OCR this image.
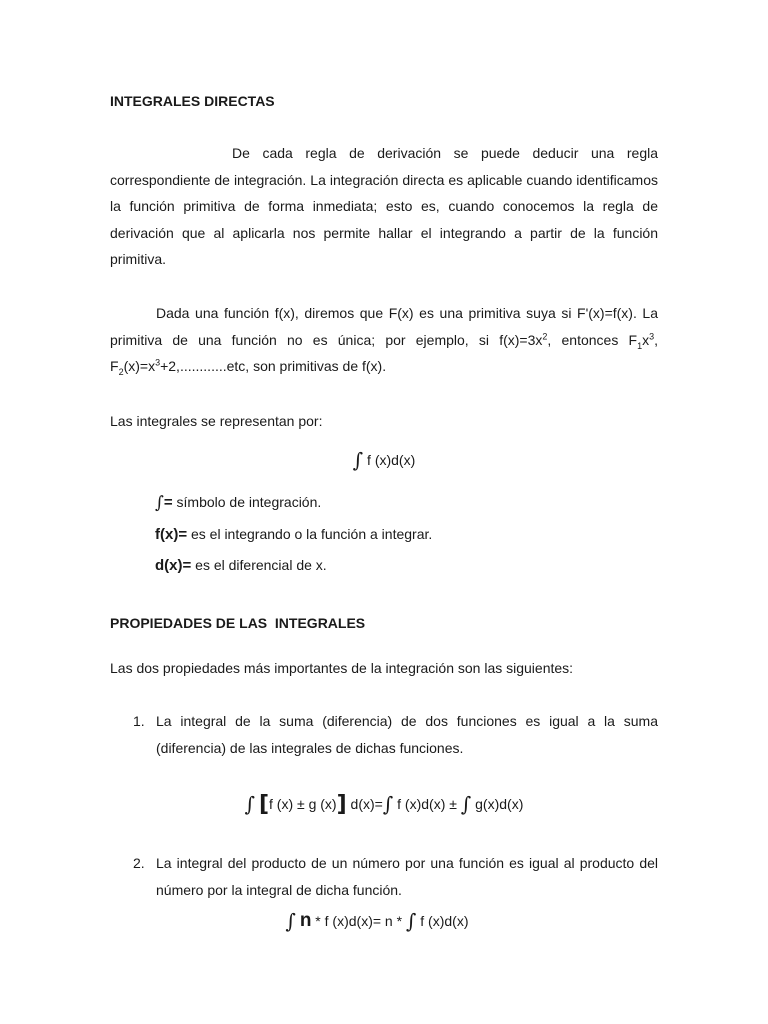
INTEGRALES DIRECTAS

De cada regla de derivación se puede deducir una regla correspondiente de integración. La integración directa es aplicable cuando identificamos la función primitiva de forma inmediata; esto es, cuando conocemos la regla de derivación que al aplicarla nos permite hallar el integrando a partir de la función primitiva.

Dada una función f(x), diremos que F(x) es una primitiva suya si F'(x)=f(x). La primitiva de una función no es única; por ejemplo, si $f(x)=3x^2$, entonces $F_1x^3$, $F_2(x)=x^3+2,............etc$, son primitivas de f(x).

Las integrales se representan por:

∫ f (x)d(x)

∫= símbolo de integración.

f(x)= es el integrando o la función a integrar.

d(x)= es el diferencial de x.

PROPIEDADES DE LAS  INTEGRALES

Las dos propiedades más importantes de la integración son las siguientes:

1. La integral de la suma (diferencia) de dos funciones es igual a la suma (diferencia) de las integrales de dichas funciones.

∫ [f (x) ± g (x)] d(x)=∫ f (x)d(x) ± ∫ g(x)d(x)

2. La integral del producto de un número por una función es igual al producto del número por la integral de dicha función.

∫ n * f (x)d(x)= n * ∫ f (x)d(x)
